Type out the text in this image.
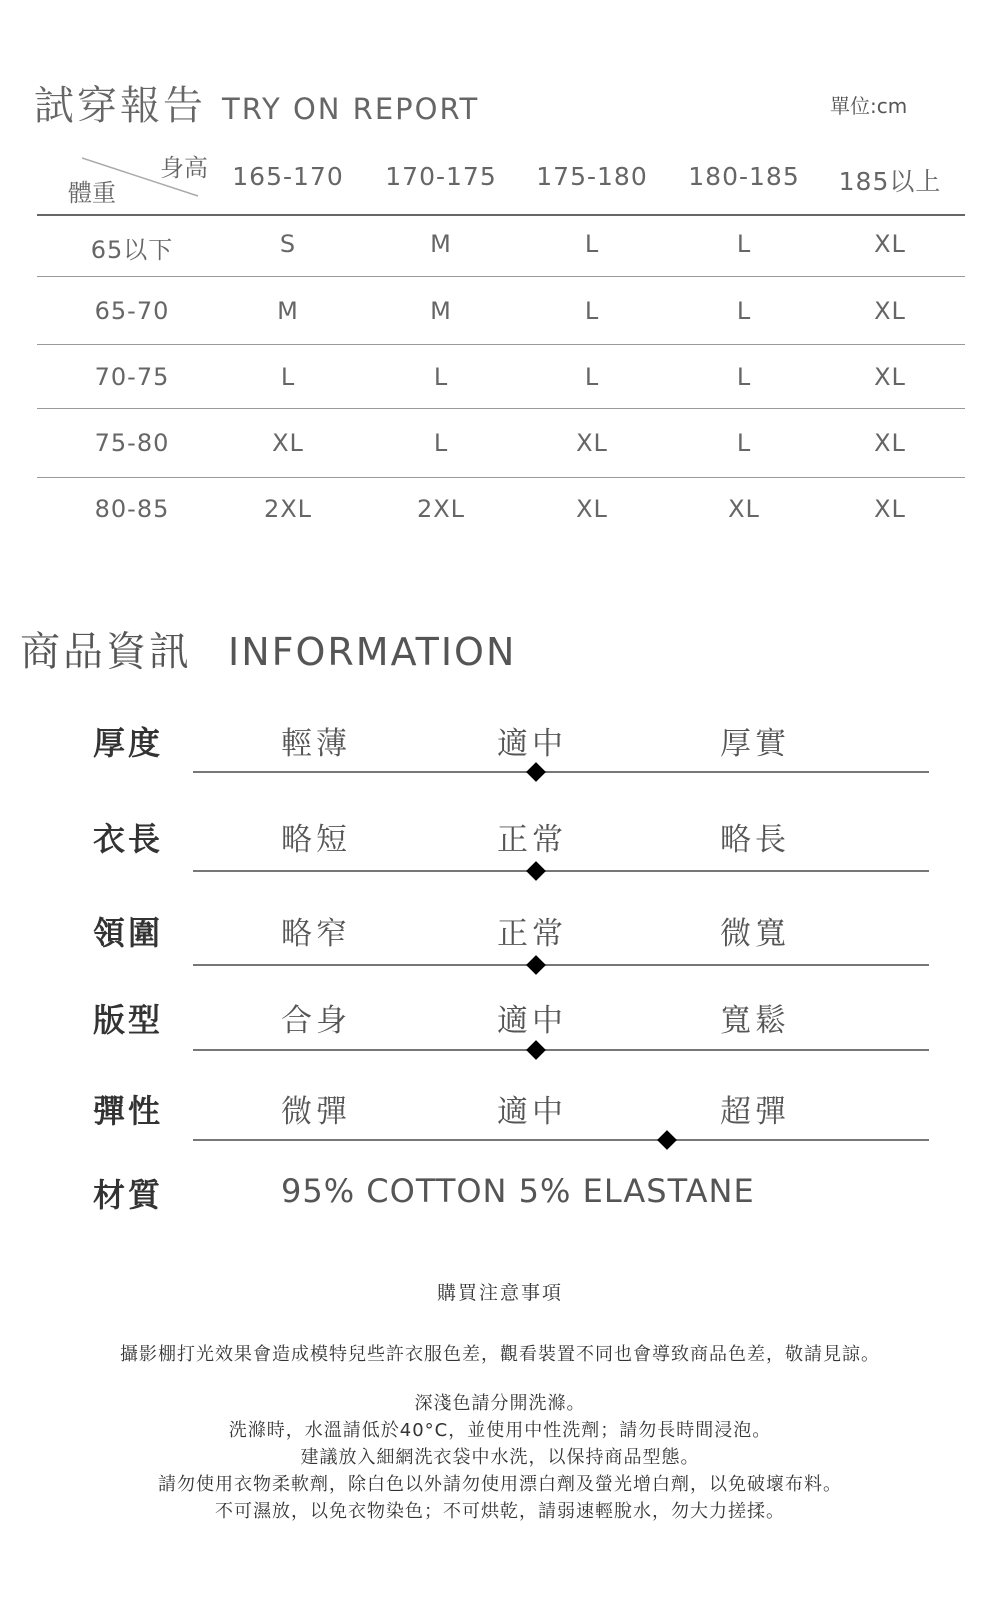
試穿報告 TRY ON REPORT	單位:cm
身高
體重
165-170 170-175 175-180 180-185 185以上
65以下	S	M	L	L	XL
65-70	M	M	L	L	XL
70-75	L	L	L	L	XL
75-80	XL	L	XL	L	XL
80-85	2XL	2XL	XL	XL	XL
商品資訊 INFORMATION
厚度	輕薄	適中	厚實
衣長	略短	正常	略長
領圍	略窄	正常	微寬
版型	合身	適中	寬鬆
彈性	微彈	適中	超彈
材質	95% COTTON 5% ELASTANE
購買注意事項
攝影棚打光效果會造成模特兒些許衣服色差，觀看裝置不同也會導致商品色差，敬請見諒。
深淺色請分開洗滌。
洗滌時，水溫請低於40°C，並使用中性洗劑；請勿長時間浸泡。
建議放入細網洗衣袋中水洗，以保持商品型態。
請勿使用衣物柔軟劑，除白色以外請勿使用漂白劑及螢光增白劑，以免破壞布料。
不可濕放，以免衣物染色；不可烘乾，請弱速輕脫水，勿大力搓揉。
